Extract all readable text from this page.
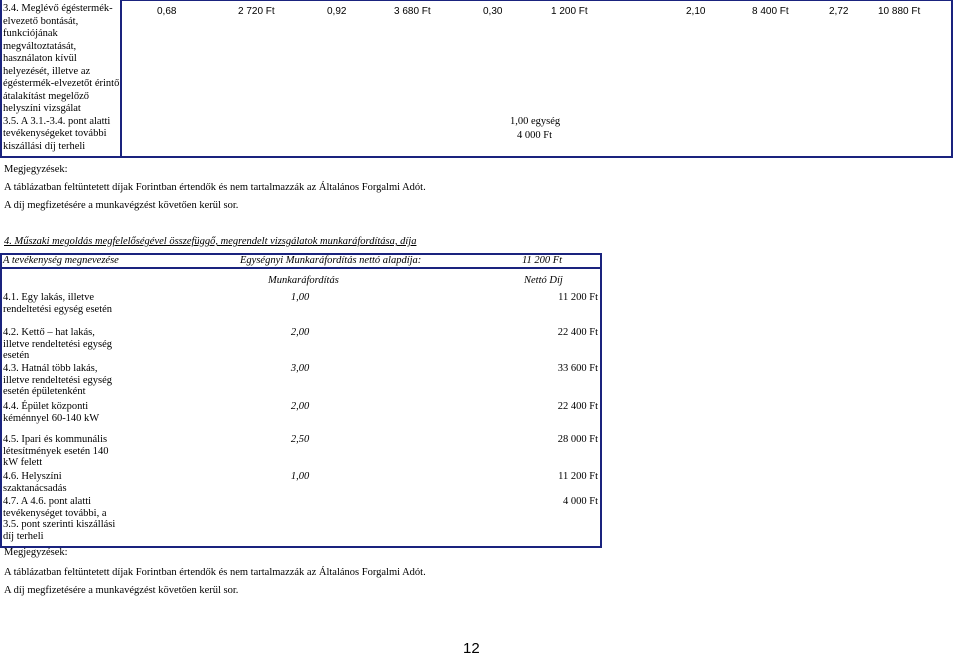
3.4. Meglévő égéstermék-
elvezető bontását,
funkciójának
megváltoztatását,
használaton kívül
helyezését, illetve az
égéstermék-elvezetőt érintő
átalakítást megelőző
helyszíni vizsgálat
3.5. A 3.1.-3.4. pont alatti
tevékenységeket további
kiszállási díj terheli
0,68	2 720 Ft	0,92	3 680 Ft	0,30	1 200 Ft	2,10	8 400 Ft	2,72	10 880 Ft
1,00 egység
4 000 Ft
Megjegyzések:
A táblázatban feltüntetett díjak Forintban értendők és nem tartalmazzák az Általános Forgalmi Adót.
A díj megfizetésére a munkavégzést követően kerül sor.
4. Műszaki megoldás megfelelőségével összefüggő, megrendelt vizsgálatok munkaráfordítása, díja
A tevékenység megnevezése	Egységnyi Munkaráfordítás nettó alapdíja:	11 200 Ft
Munkaráfordítás	Nettó Díj
4.1. Egy lakás, illetve rendeltetési egység esetén
1,00	11 200 Ft
4.2. Kettő – hat lakás, illetve rendeltetési egység esetén
2,00	22 400 Ft
4.3. Hatnál több lakás, illetve rendeltetési egység esetén épületenként
3,00	33 600 Ft
4.4. Épület központi kéménnyel 60-140 kW
2,00	22 400 Ft
4.5. Ipari és kommunális létesítmények esetén 140 kW felett
2,50	28 000 Ft
4.6. Helyszíni szaktanácsadás
1,00	11 200 Ft
4.7. A 4.6. pont alatti tevékenységet további, a 3.5. pont szerinti kiszállási díj terheli
4 000 Ft
Megjegyzések:
A táblázatban feltüntetett díjak Forintban értendők és nem tartalmazzák az Általános Forgalmi Adót.
A díj megfizetésére a munkavégzést követően kerül sor.
12
